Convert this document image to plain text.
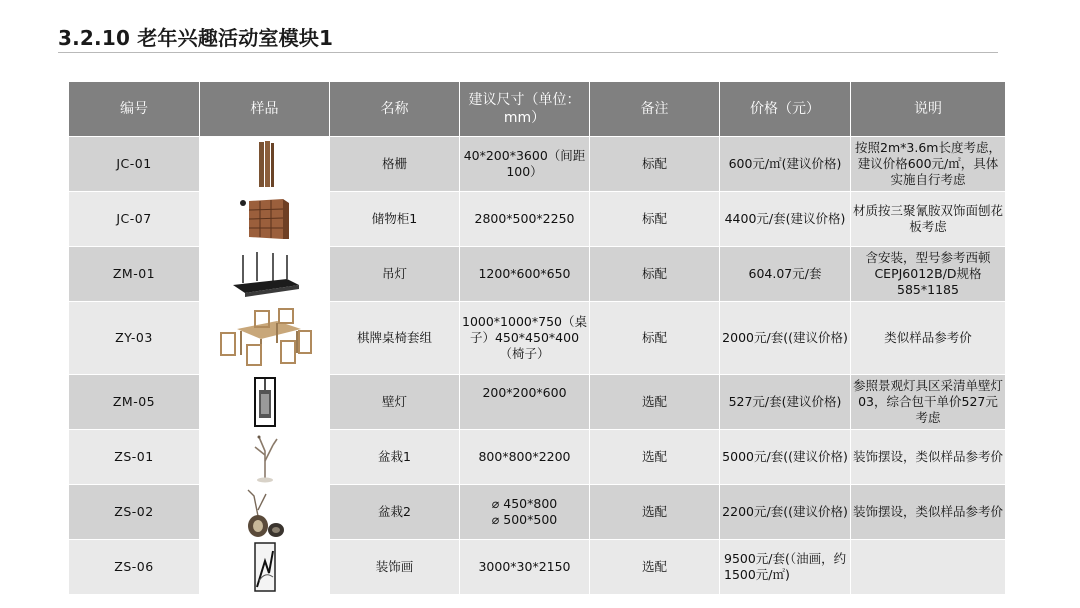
3.2.10 老年兴趣活动室模块1
编号	样品	名称	建议尺寸（单位：mm）	备注	价格（元）	说明
JC-01		格栅	40*200*3600（间距100）	标配	600元/㎡(建议价格)	按照2m*3.6m长度考虑，建议价格600元/㎡，具体实施自行考虑
JC-07		储物柜1	2800*500*2250	标配	4400元/套(建议价格)	材质按三聚氰胺双饰面刨花板考虑
ZM-01		吊灯	1200*600*650	标配	604.07元/套	含安装，型号参考西顿CEPJ6012B/D规格585*1185
ZY-03		棋牌桌椅套组	1000*1000*750（桌子）450*450*400（椅子）	标配	2000元/套((建议价格)	类似样品参考价
ZM-05		壁灯	200*200*600	选配	527元/套(建议价格)	参照景观灯具区采清单壁灯03，综合包干单价527元考虑
ZS-01		盆栽1	800*800*2200	选配	5000元/套((建议价格)	装饰摆设，类似样品参考价
ZS-02		盆栽2	⌀ 450*800
⌀ 500*500	选配	2200元/套((建议价格)	装饰摆设，类似样品参考价
ZS-06		装饰画	3000*30*2150	选配	9500元/套(（油画，约1500元/㎡)	
